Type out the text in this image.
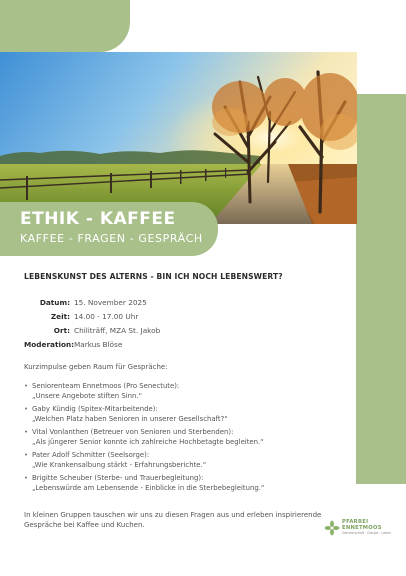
ETHIK - KAFFEE
KAFFEE - FRAGEN - GESPRÄCH
LEBENSKUNST DES ALTERNS - BIN ICH NOCH LEBENSWERT?
Datum: 15. November 2025
Zeit: 14.00 - 17.00 Uhr
Ort: Chiliträff, MZA St. Jakob
Moderation: Markus Blöse
Kurzimpulse geben Raum für Gespräche:
• Seniorenteam Ennetmoos (Pro Senectute):
„Unsere Angebote stiften Sinn.“
• Gaby Kündig (Spitex-Mitarbeitende):
„Welchen Platz haben Senioren in unserer Gesellschaft?“
• Vital Vonlanthen (Betreuer von Senioren und Sterbenden):
„Als jüngerer Senior konnte ich zahlreiche Hochbetagte begleiten.“
• Pater Adolf Schmitter (Seelsorge):
„Wie Krankensalbung stärkt - Erfahrungsberichte.“
• Brigitte Scheuber (Sterbe- und Trauerbegleitung):
„Lebenswürde am Lebensende - Einblicke in die Sterbebegleitung.“
In kleinen Gruppen tauschen wir uns zu diesen Fragen aus und erleben inspirierende Gespräche bei Kaffee und Kuchen.	PFARREI
ENNETMOOS
Gemeinschaft · Glaube · Leben
